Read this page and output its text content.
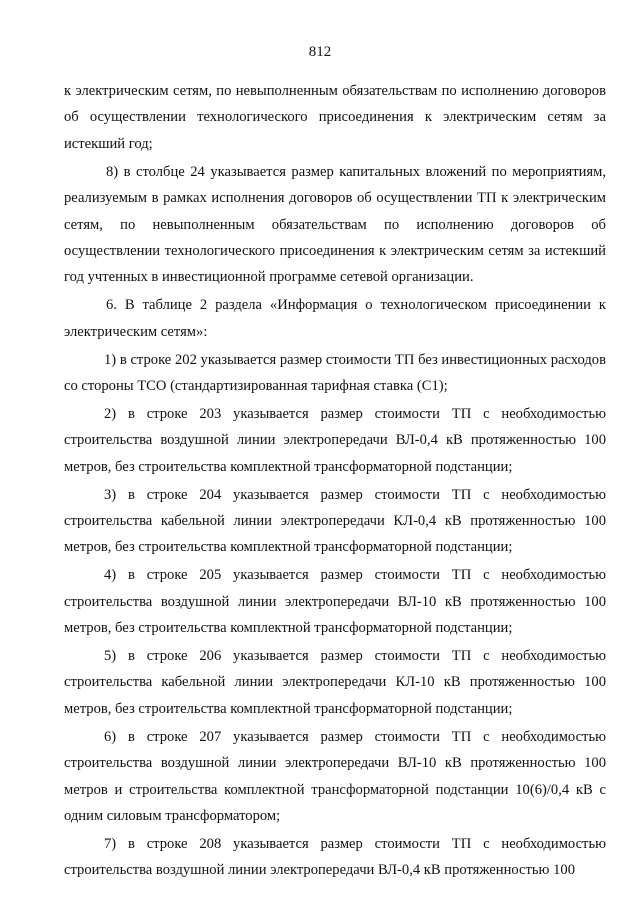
812

к электрическим сетям, по невыполненным обязательствам по исполнению договоров об осуществлении технологического присоединения к электрическим сетям за истекший год;

8) в столбце 24 указывается размер капитальных вложений по мероприятиям, реализуемым в рамках исполнения договоров об осуществлении ТП к электрическим сетям, по невыполненным обязательствам по исполнению договоров об осуществлении технологического присоединения к электрическим сетям за истекший год учтенных в инвестиционной программе сетевой организации.

6. В таблице 2 раздела «Информация о технологическом присоединении к электрическим сетям»:

1) в строке 202 указывается размер стоимости ТП без инвестиционных расходов со стороны ТСО (стандартизированная тарифная ставка (С1);

2) в строке 203 указывается размер стоимости ТП с необходимостью строительства воздушной линии электропередачи ВЛ-0,4 кВ протяженностью 100 метров, без строительства комплектной трансформаторной подстанции;

3) в строке 204 указывается размер стоимости ТП с необходимостью строительства кабельной линии электропередачи КЛ-0,4 кВ протяженностью 100 метров, без строительства комплектной трансформаторной подстанции;

4) в строке 205 указывается размер стоимости ТП с необходимостью строительства воздушной линии электропередачи ВЛ-10 кВ протяженностью 100 метров, без строительства комплектной трансформаторной подстанции;

5) в строке 206 указывается размер стоимости ТП с необходимостью строительства кабельной линии электропередачи КЛ-10 кВ протяженностью 100 метров, без строительства комплектной трансформаторной подстанции;

6) в строке 207 указывается размер стоимости ТП с необходимостью строительства воздушной линии электропередачи ВЛ-10 кВ протяженностью 100 метров и строительства комплектной трансформаторной подстанции 10(6)/0,4 кВ с одним силовым трансформатором;

7) в строке 208 указывается размер стоимости ТП с необходимостью строительства воздушной линии электропередачи ВЛ-0,4 кВ протяженностью 100
